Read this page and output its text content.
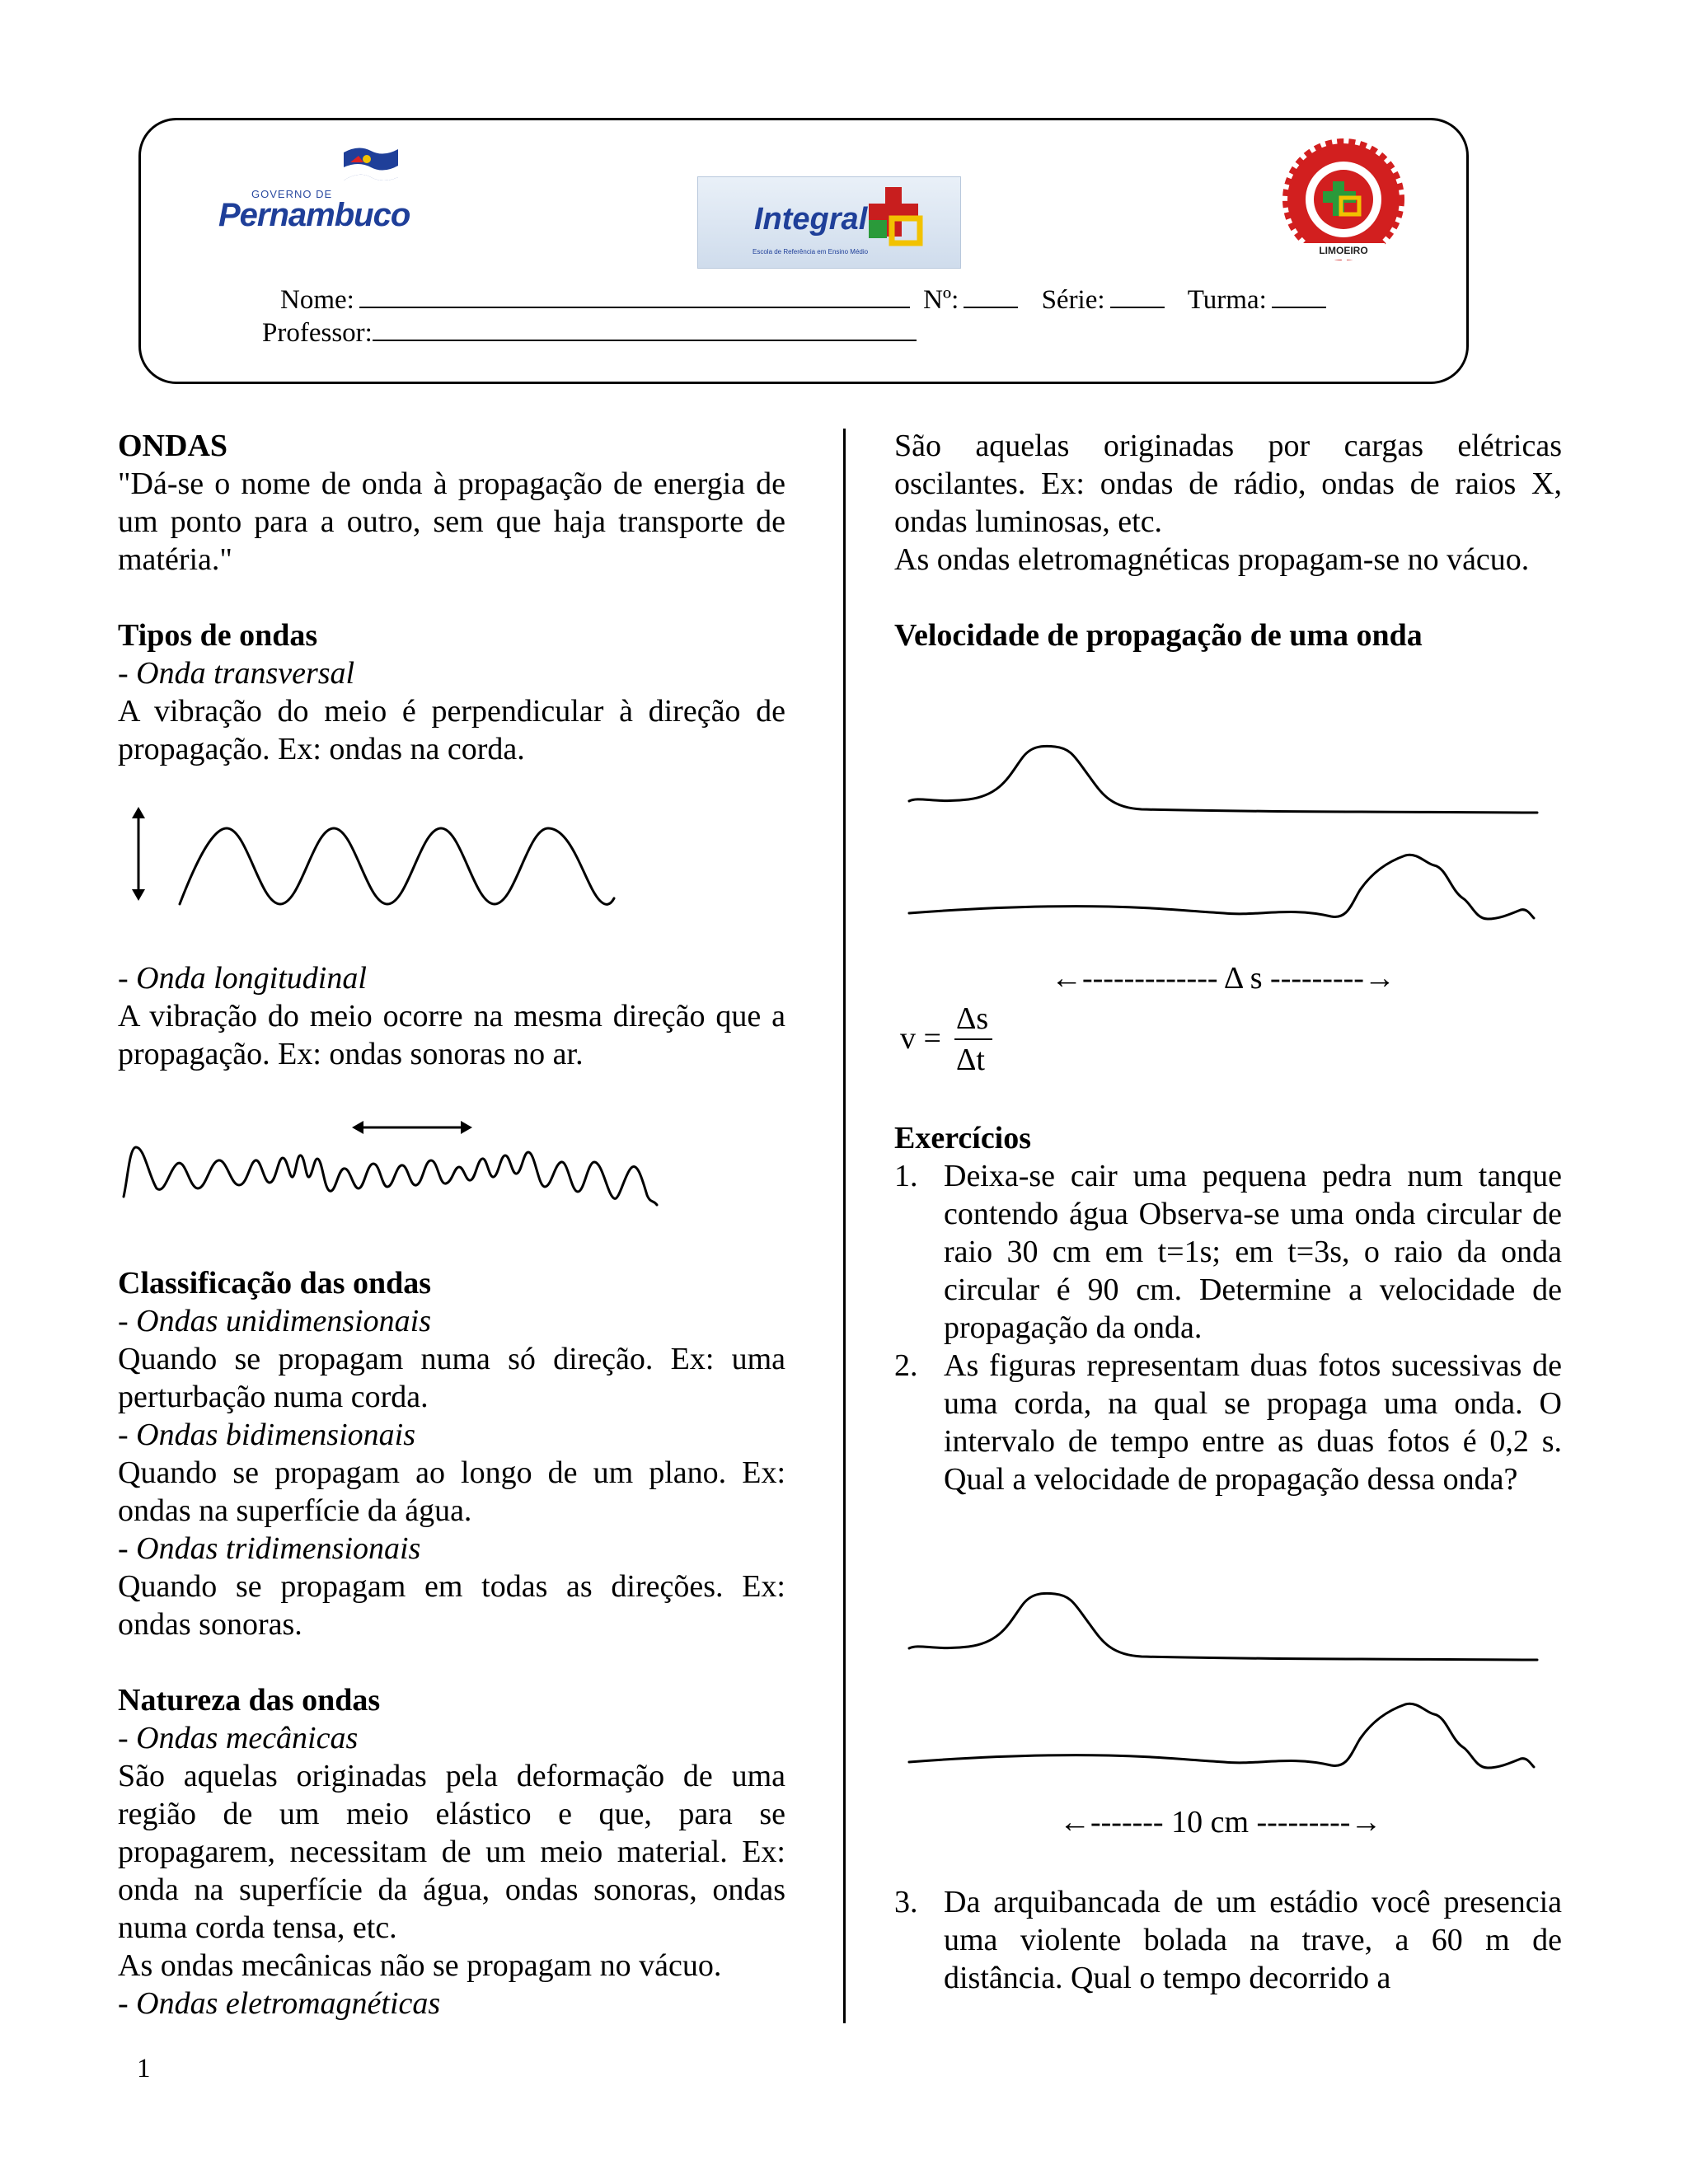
GOVERNO DE
Pernambuco	Integral
Escola de Referência em Ensino Médio	LIMOEIRO
Nome:	Nº:	Série:	Turma:
Professor:

ONDAS

"Dá-se o nome de onda à propagação de energia de um ponto para a outro, sem que haja transporte de matéria."

Tipos de ondas

- Onda transversal

A vibração do meio é perpendicular à direção de propagação. Ex: ondas na corda.

- Onda longitudinal

A vibração do meio ocorre na mesma direção que a propagação. Ex: ondas sonoras no ar.

Classificação das ondas

- Ondas unidimensionais

Quando se propagam numa só direção. Ex: uma perturbação numa corda.

- Ondas bidimensionais

Quando se propagam ao longo de um plano. Ex: ondas na superfície da água.

- Ondas tridimensionais

Quando se propagam em todas as direções. Ex: ondas sonoras.

Natureza das ondas

- Ondas mecânicas

São aquelas originadas pela deformação de uma região de um meio elástico e que, para se propagarem, necessitam de um meio material. Ex: onda na superfície da água, ondas sonoras, ondas numa corda tensa, etc.

As ondas mecânicas não se propagam no vácuo.

- Ondas eletromagnéticas

São aquelas originadas por cargas elétricas oscilantes. Ex: ondas de rádio, ondas de raios X, ondas luminosas, etc.

As ondas eletromagnéticas propagam-se no vácuo.

Velocidade de propagação de uma onda

←------------- Δ s ---------→
v =
Δs
Δt

Exercícios

1. Deixa-se cair uma pequena pedra num tanque contendo água Observa-se uma onda circular de raio 30 cm em t=1s; em t=3s, o raio da onda circular é 90 cm. Determine a velocidade de propagação da onda.
2. As figuras representam duas fotos sucessivas de uma corda, na qual se propaga uma onda. O intervalo de tempo entre as duas fotos é 0,2 s. Qual a velocidade de propagação dessa onda?
←------- 10 cm ---------→
3. Da arquibancada de um estádio você presencia uma violente bolada na trave, a 60 m de distância. Qual o tempo decorrido a
1
